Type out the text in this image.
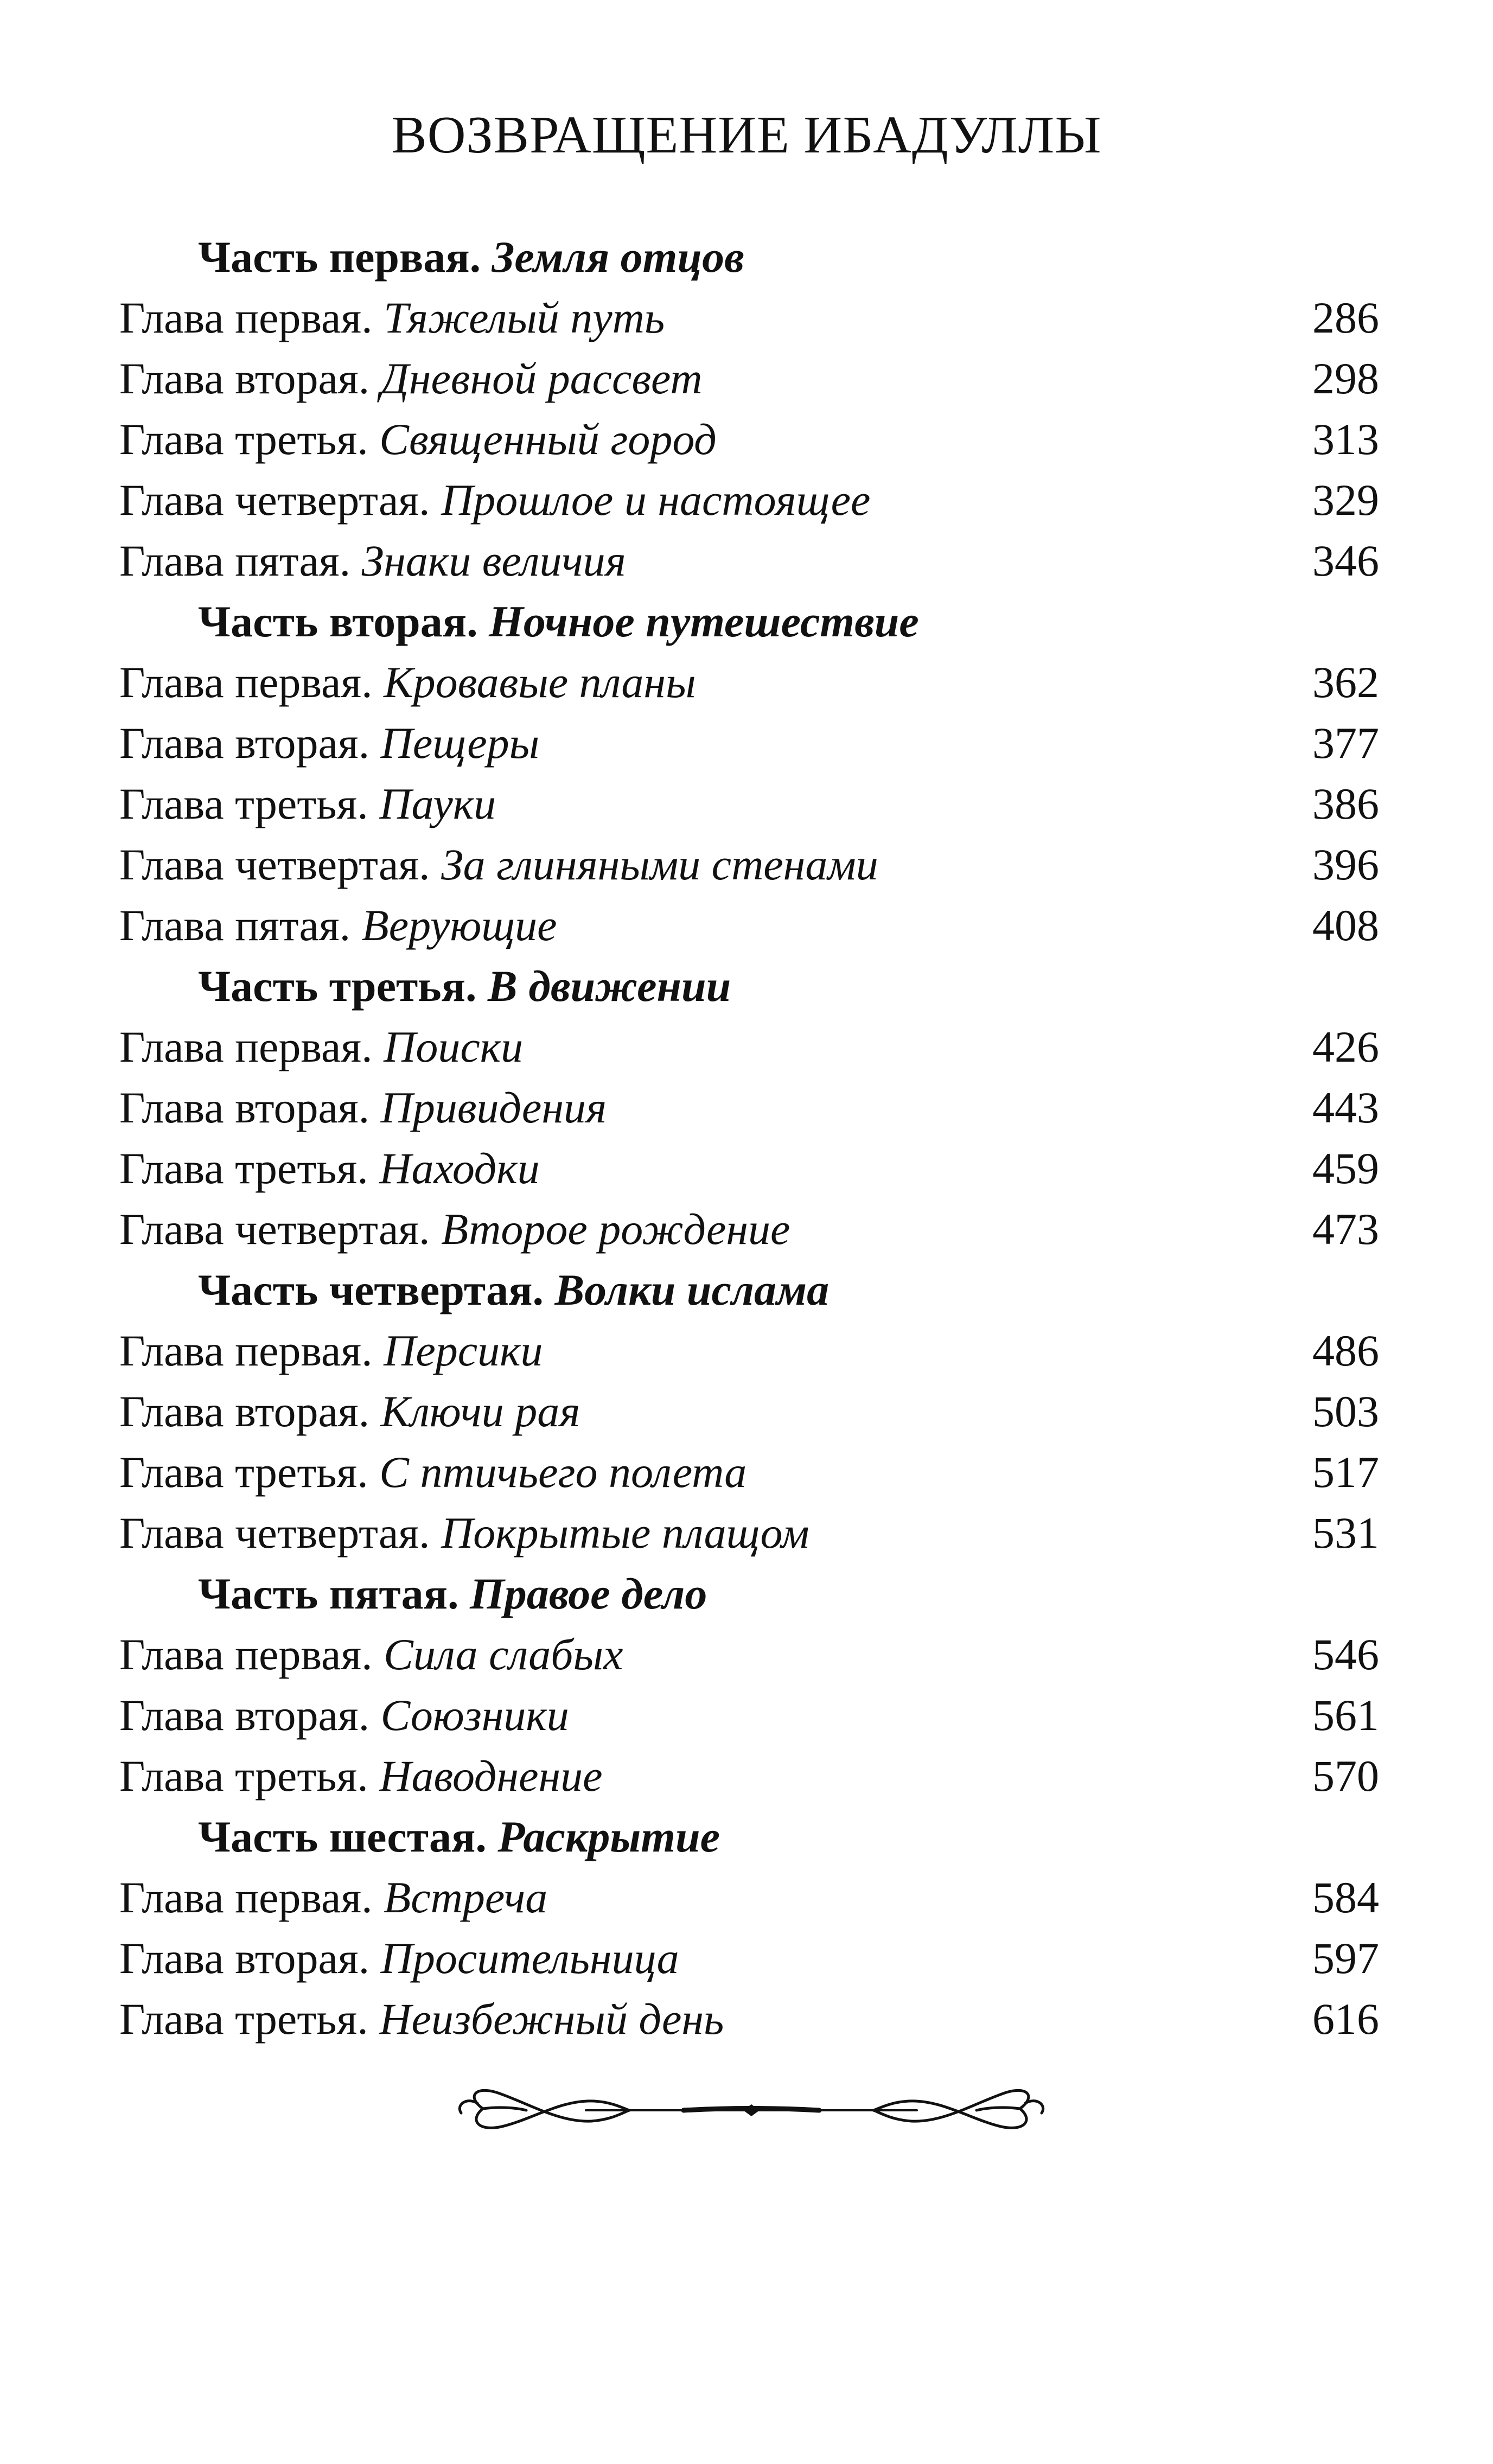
ВОЗВРАЩЕНИЕ ИБАДУЛЛЫ
Часть первая. Земля отцов
Глава первая. Тяжелый путь	286
Глава вторая. Дневной рассвет	298
Глава третья. Священный город	313
Глава четвертая. Прошлое и настоящее	329
Глава пятая. Знаки величия	346
Часть вторая. Ночное путешествие
Глава первая. Кровавые планы	362
Глава вторая. Пещеры	377
Глава третья. Пауки	386
Глава четвертая. За глиняными стенами	396
Глава пятая. Верующие	408
Часть третья. В движении
Глава первая. Поиски	426
Глава вторая. Привидения	443
Глава третья. Находки	459
Глава четвертая. Второе рождение	473
Часть четвертая. Волки ислама
Глава первая. Персики	486
Глава вторая. Ключи рая	503
Глава третья. С птичьего полета	517
Глава четвертая. Покрытые плащом	531
Часть пятая. Правое дело
Глава первая. Сила слабых	546
Глава вторая. Союзники	561
Глава третья. Наводнение	570
Часть шестая. Раскрытие
Глава первая. Встреча	584
Глава вторая. Просительница	597
Глава третья. Неизбежный день	616
